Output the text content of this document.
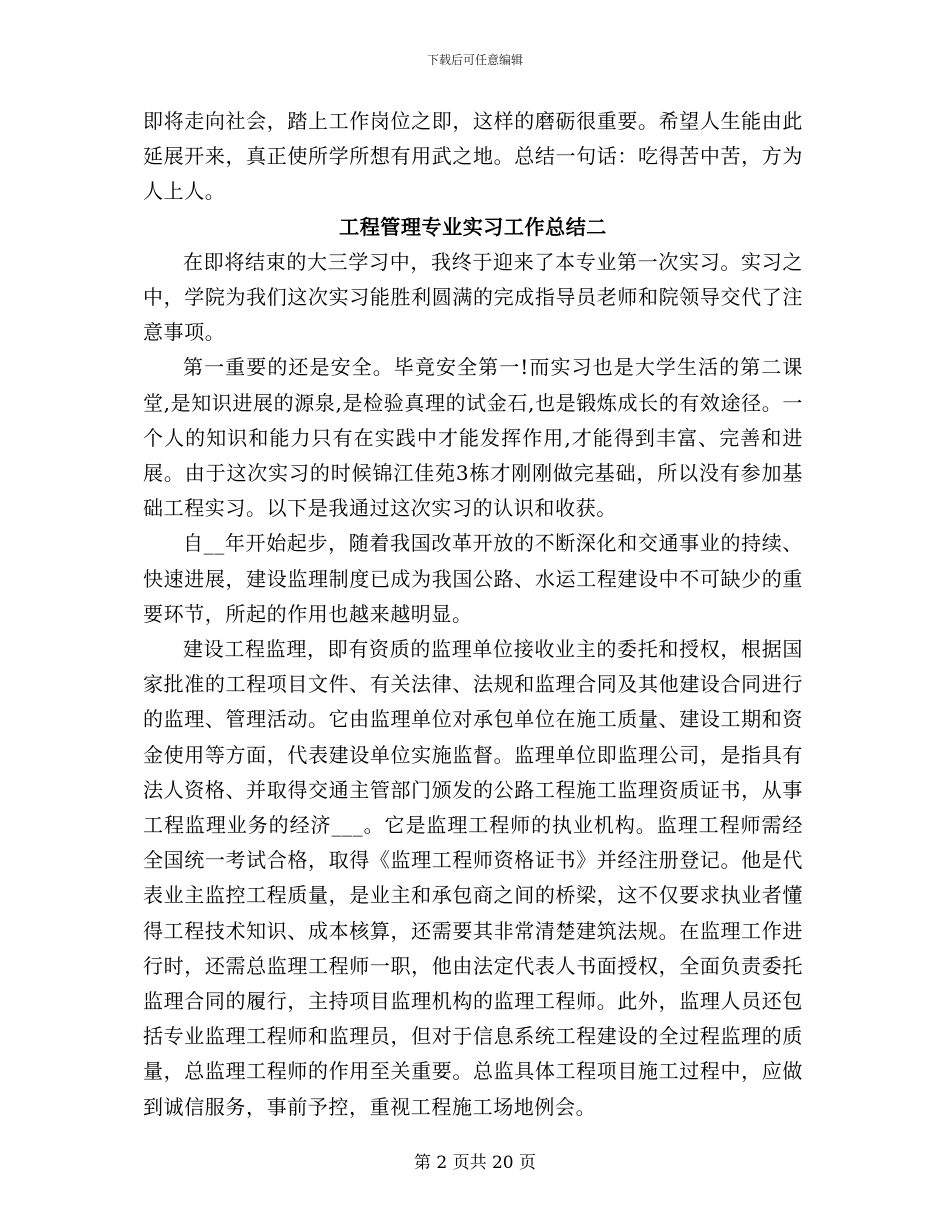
下载后可任意编辑

即将走向社会，踏上工作岗位之即，这样的磨砺很重要。希望人生能由此延展开来，真正使所学所想有用武之地。总结一句话：吃得苦中苦，方为人上人。

工程管理专业实习工作总结二

在即将结束的大三学习中，我终于迎来了本专业第一次实习。实习之中，学院为我们这次实习能胜利圆满的完成指导员老师和院领导交代了注意事项。

第一重要的还是安全。毕竟安全第一!而实习也是大学生活的第二课堂,是知识进展的源泉,是检验真理的试金石,也是锻炼成长的有效途径。一个人的知识和能力只有在实践中才能发挥作用,才能得到丰富、完善和进展。由于这次实习的时候锦江佳苑3栋才刚刚做完基础，所以没有参加基础工程实习。以下是我通过这次实习的认识和收获。

自__年开始起步，随着我国改革开放的不断深化和交通事业的持续、快速进展，建设监理制度已成为我国公路、水运工程建设中不可缺少的重要环节，所起的作用也越来越明显。

建设工程监理，即有资质的监理单位接收业主的委托和授权，根据国家批准的工程项目文件、有关法律、法规和监理合同及其他建设合同进行的监理、管理活动。它由监理单位对承包单位在施工质量、建设工期和资金使用等方面，代表建设单位实施监督。监理单位即监理公司，是指具有法人资格、并取得交通主管部门颁发的公路工程施工监理资质证书，从事工程监理业务的经济___。它是监理工程师的执业机构。监理工程师需经全国统一考试合格，取得《监理工程师资格证书》并经注册登记。他是代表业主监控工程质量，是业主和承包商之间的桥梁，这不仅要求执业者懂得工程技术知识、成本核算，还需要其非常清楚建筑法规。在监理工作进行时，还需总监理工程师一职，他由法定代表人书面授权，全面负责委托监理合同的履行，主持项目监理机构的监理工程师。此外，监理人员还包括专业监理工程师和监理员，但对于信息系统工程建设的全过程监理的质量，总监理工程师的作用至关重要。总监具体工程项目施工过程中，应做到诚信服务，事前予控，重视工程施工场地例会。

第 2 页共 20 页
